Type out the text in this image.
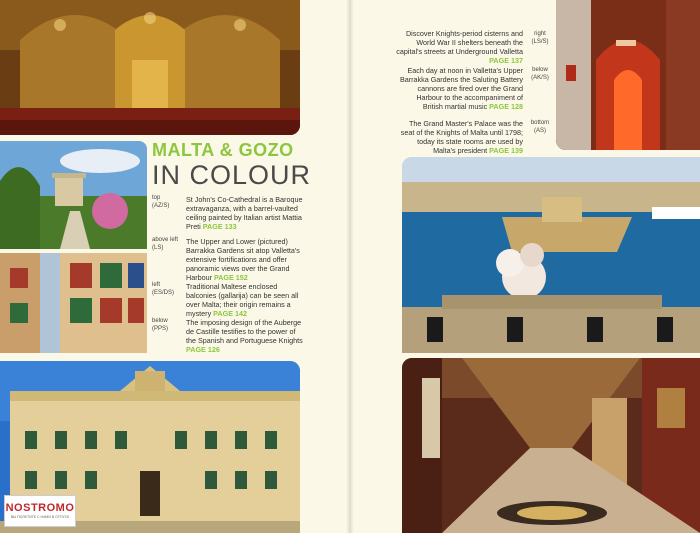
NOSTROMO
ВЫ ПОЛЕТИТЕ С НАМИ В ОТПУСК
MALTA & GOZO
IN COLOUR
top
(AZ/S)
St John's Co-Cathedral is a Baroque extravaganza, with a barrel-vaulted ceiling painted by Italian artist Mattia Preti PAGE 133
above left
(LS)
The Upper and Lower (pictured) Barrakka Gardens sit atop Valletta's extensive fortifications and offer panoramic views over the Grand Harbour PAGE 152
left
(ES/DS)
Traditional Maltese enclosed balconies (gallarija) can be seen all over Malta; their origin remains a mystery PAGE 142
below
(PPS)
The imposing design of the Auberge de Castille testifies to the power of the Spanish and Portuguese Knights PAGE 126
Discover Knights-period cisterns and World War II shelters beneath the capital's streets at Underground Valletta PAGE 137
right
(LS/S)
Each day at noon in Valletta's Upper Barrakka Gardens the Saluting Battery cannons are fired over the Grand Harbour to the accompaniment of British martial music PAGE 128
below
(AK/S)
The Grand Master's Palace was the seat of the Knights of Malta until 1798; today its state rooms are used by Malta's president PAGE 139
bottom
(AS)
